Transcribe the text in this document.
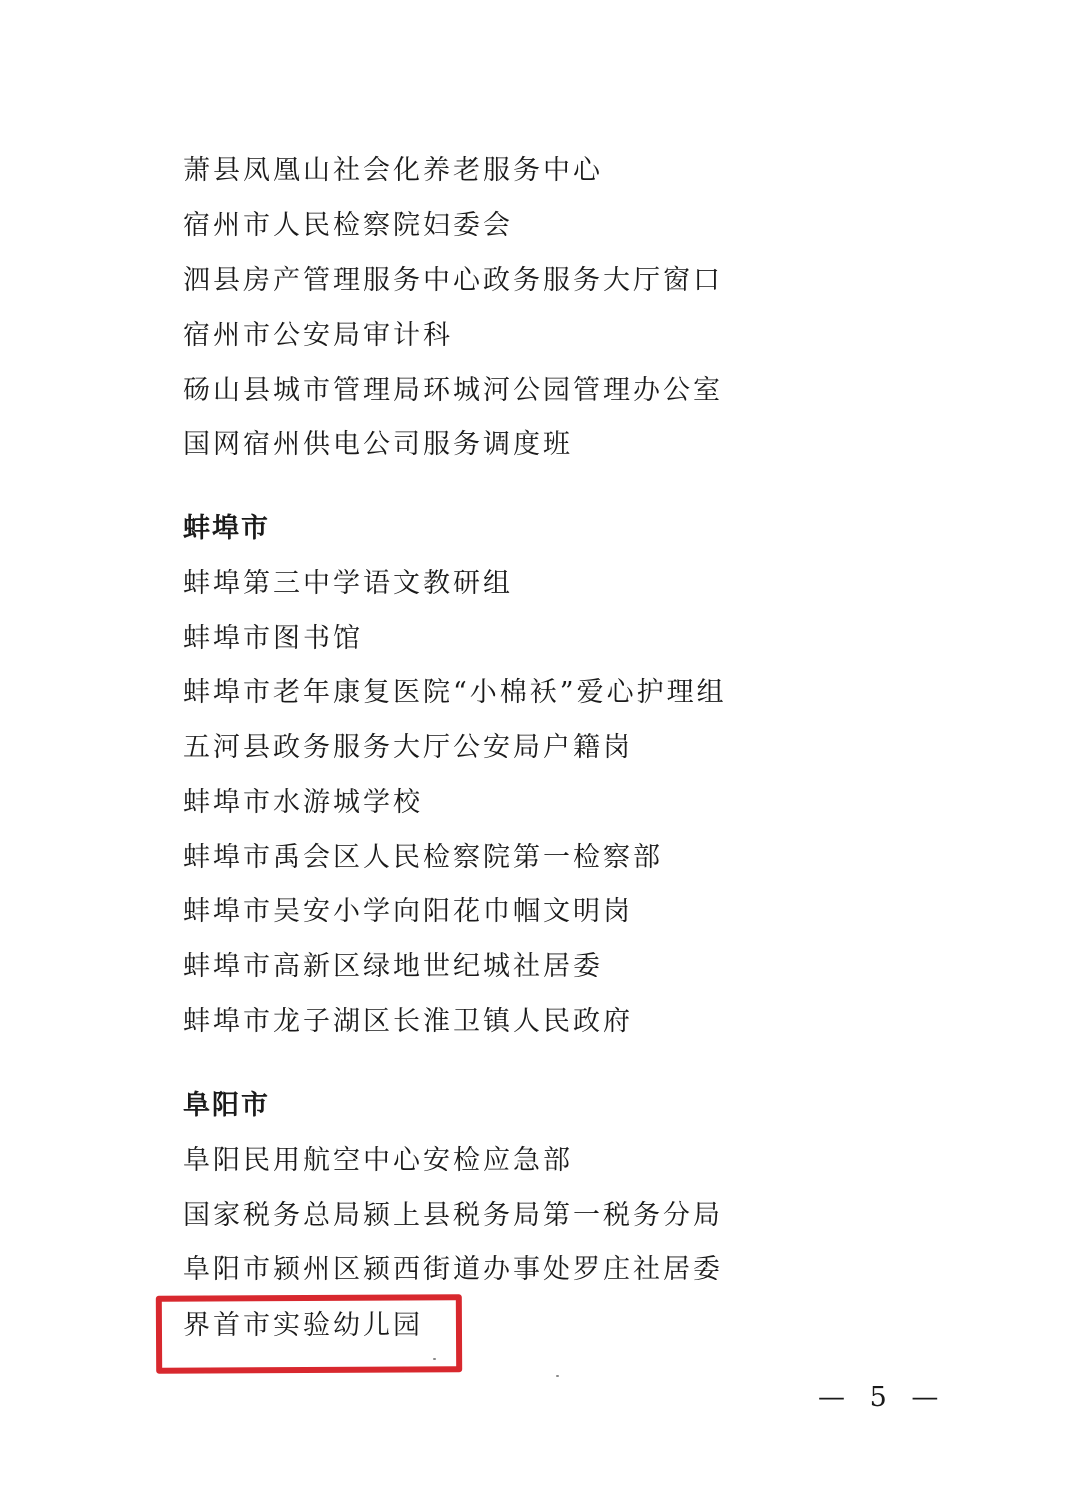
萧县凤凰山社会化养老服务中心
宿州市人民检察院妇委会
泗县房产管理服务中心政务服务大厅窗口
宿州市公安局审计科
砀山县城市管理局环城河公园管理办公室
国网宿州供电公司服务调度班
蚌埠市
蚌埠第三中学语文教研组
蚌埠市图书馆
蚌埠市老年康复医院“小棉袄”爱心护理组
五河县政务服务大厅公安局户籍岗
蚌埠市水游城学校
蚌埠市禹会区人民检察院第一检察部
蚌埠市吴安小学向阳花巾帼文明岗
蚌埠市高新区绿地世纪城社居委
蚌埠市龙子湖区长淮卫镇人民政府
阜阳市
阜阳民用航空中心安检应急部
国家税务总局颍上县税务局第一税务分局
阜阳市颍州区颍西街道办事处罗庄社居委
界首市实验幼儿园
— 5 —
